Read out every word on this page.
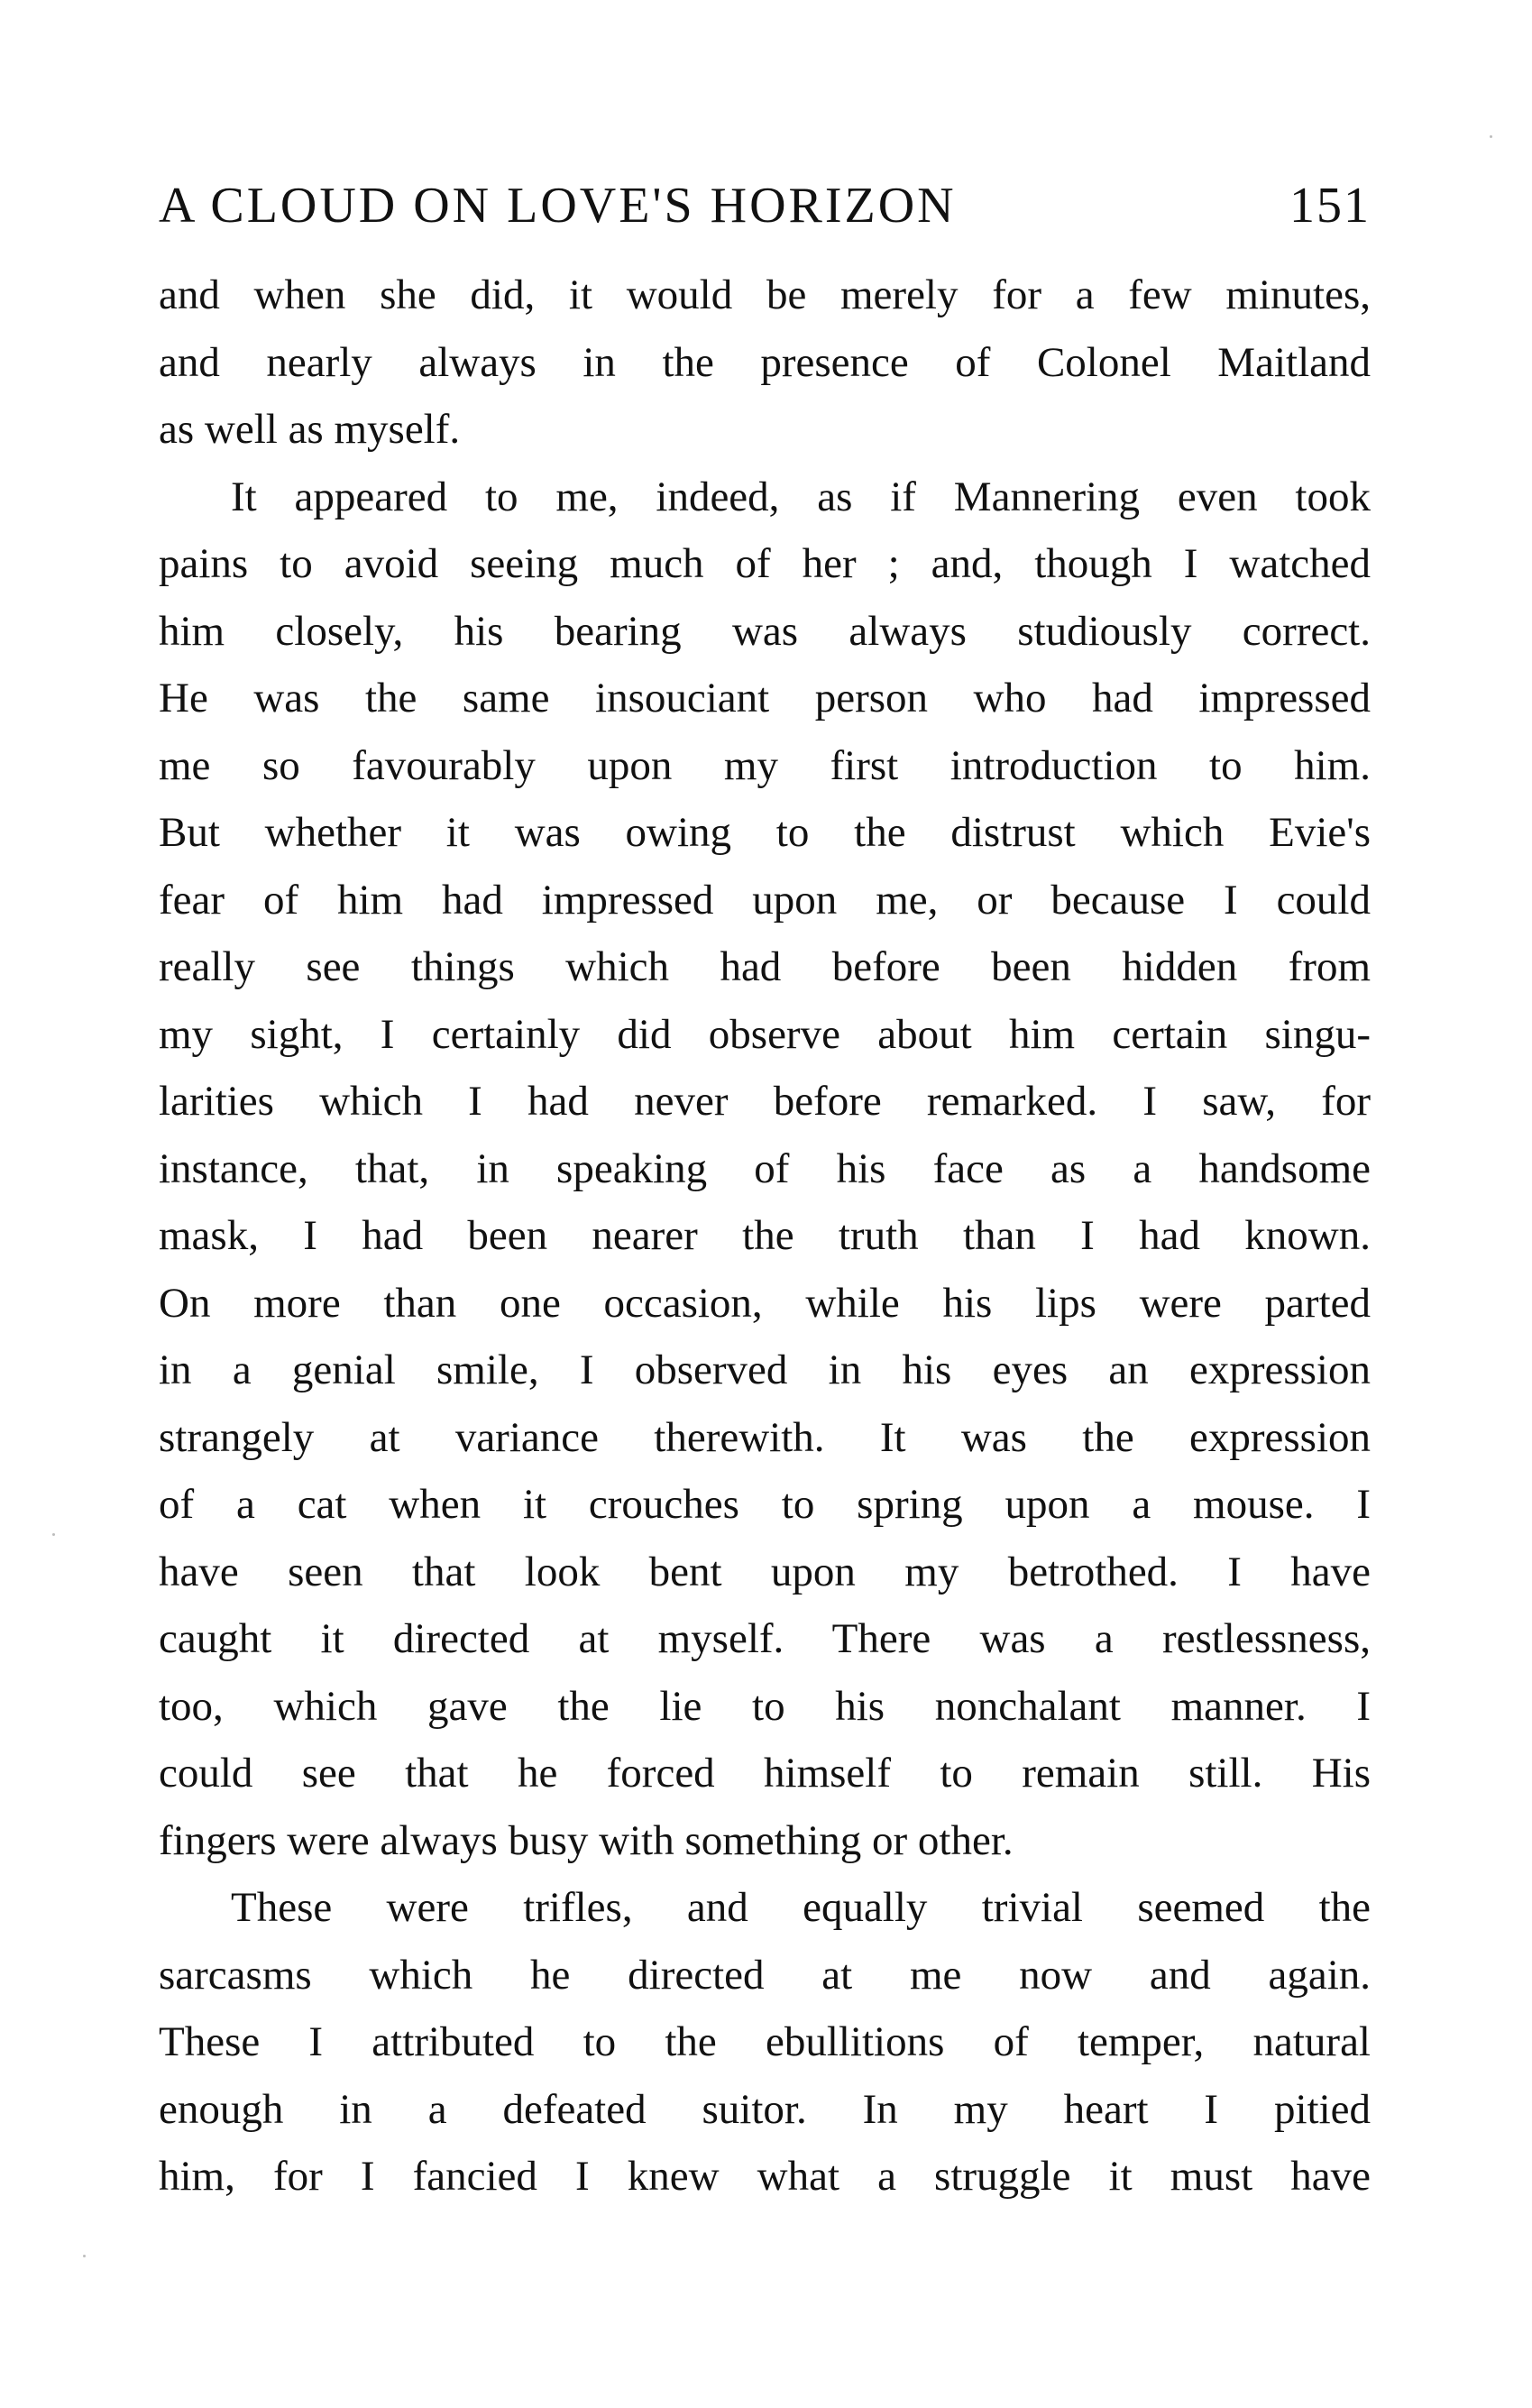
A CLOUD ON LOVE'S HORIZON	151
and when she did, it would be merely for a few minutes,
and nearly always in the presence of Colonel Maitland
as well as myself.
It appeared to me, indeed, as if Mannering even took
pains to avoid seeing much of her ; and, though I watched
him closely, his bearing was always studiously correct.
He was the same insouciant person who had impressed
me so favourably upon my first introduction to him.
But whether it was owing to the distrust which Evie's
fear of him had impressed upon me, or because I could
really see things which had before been hidden from
my sight, I certainly did observe about him certain singu-
larities which I had never before remarked. I saw, for
instance, that, in speaking of his face as a handsome
mask, I had been nearer the truth than I had known.
On more than one occasion, while his lips were parted
in a genial smile, I observed in his eyes an expression
strangely at variance therewith. It was the expression
of a cat when it crouches to spring upon a mouse. I
have seen that look bent upon my betrothed. I have
caught it directed at myself. There was a restlessness,
too, which gave the lie to his nonchalant manner. I
could see that he forced himself to remain still. His
fingers were always busy with something or other.
These were trifles, and equally trivial seemed the
sarcasms which he directed at me now and again.
These I attributed to the ebullitions of temper, natural
enough in a defeated suitor. In my heart I pitied
him, for I fancied I knew what a struggle it must have
